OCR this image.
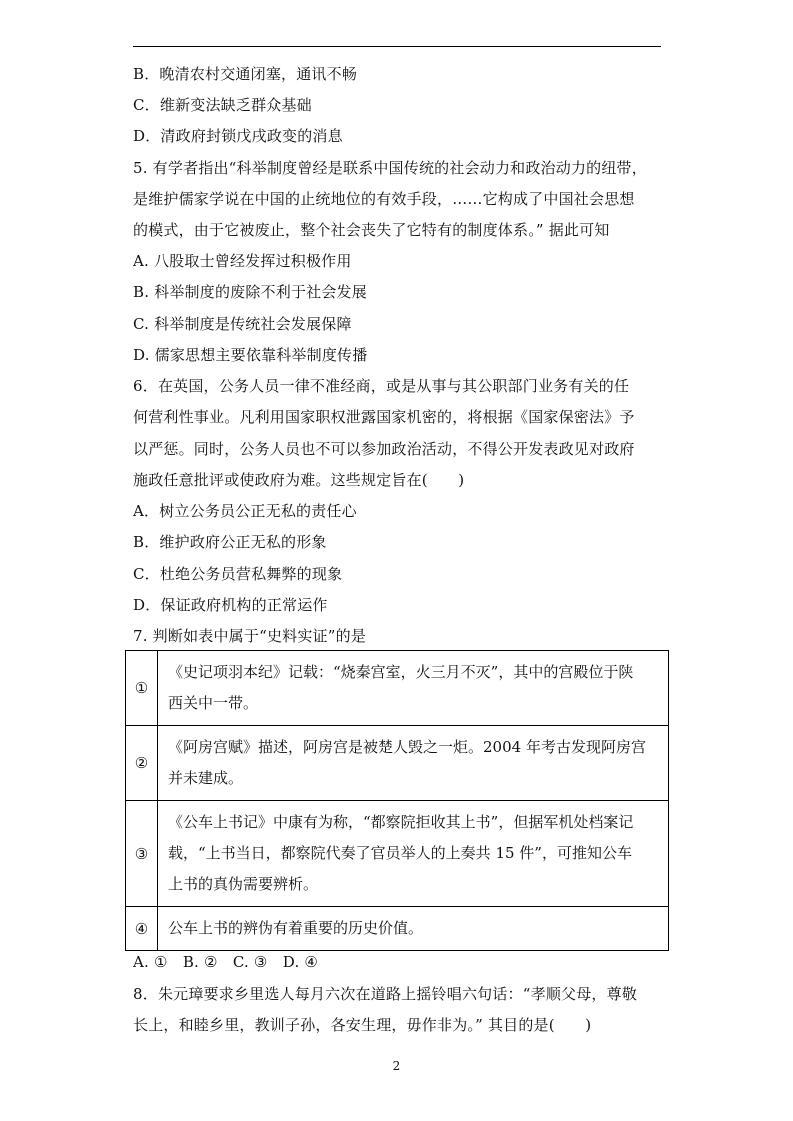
B．晚清农村交通闭塞，通讯不畅
C．维新变法缺乏群众基础
D．清政府封锁戊戌政变的消息
5. 有学者指出“科举制度曾经是联系中国传统的社会动力和政治动力的纽带，
是维护儒家学说在中国的止统地位的有效手段，……它构成了中国社会思想
的模式，由于它被废止，整个社会丧失了它特有的制度体系。” 据此可知
A. 八股取士曾经发挥过积极作用
B. 科举制度的废除不利于社会发展
C. 科举制度是传统社会发展保障
D. 儒家思想主要依靠科举制度传播
6．在英国，公务人员一律不准经商，或是从事与其公职部门业务有关的任
何营利性事业。凡利用国家职权泄露国家机密的，将根据《国家保密法》予
以严惩。同时，公务人员也不可以参加政治活动，不得公开发表政见对政府
施政任意批评或使政府为难。这些规定旨在(　　)
A．树立公务员公正无私的责任心
B．维护政府公正无私的形象
C．杜绝公务员营私舞弊的现象
D．保证政府机构的正常运作
7. 判断如表中属于“史料实证”的是
①	《史记项羽本纪》记载：“烧秦宫室，火三月不灭”，其中的宫殿位于陕
西关中一带。

②	《阿房宫赋》描述，阿房宫是被楚人毁之一炬。2004 年考古发现阿房宫
并未建成。

③	《公车上书记》中康有为称，“都察院拒收其上书”，但据军机处档案记
载，“上书当日，都察院代奏了官员举人的上奏共 15 件”，可推知公车
上书的真伪需要辨析。

④	公车上书的辨伪有着重要的历史价值。
A. ①　B. ②　C. ③　D. ④
8．朱元璋要求乡里选人每月六次在道路上摇铃唱六句话：“孝顺父母，尊敬
长上，和睦乡里，教训子孙，各安生理，毋作非为。” 其目的是(　　)
2
